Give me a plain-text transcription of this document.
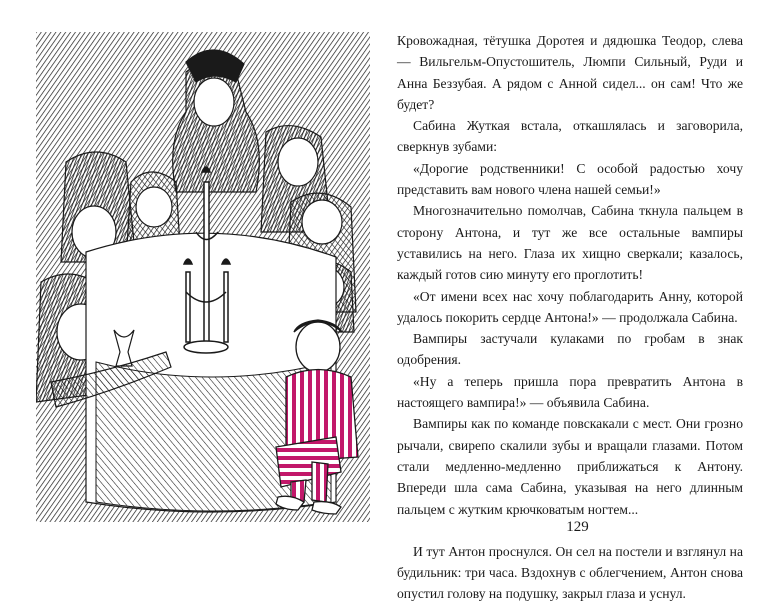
Кровожадная, тётушка Доротея и дядюшка Теодор, слева — Вильгельм-Опустошитель, Люмпи Сильный, Руди и Анна Беззубая. А рядом с Анной сидел... он сам! Что же будет?

Сабина Жуткая встала, откашлялась и заговорила, сверкнув зубами:

«Дорогие родственники! С особой радостью хочу представить вам нового члена нашей семьи!»

Многозначительно помолчав, Сабина ткнула пальцем в сторону Антона, и тут же все остальные вампиры уставились на него. Глаза их хищно сверкали; казалось, каждый готов сию минуту его проглотить!

«От имени всех нас хочу поблагодарить Анну, которой удалось покорить сердце Антона!» — продолжала Сабина.

Вампиры застучали кулаками по гробам в знак одобрения.

«Ну а теперь пришла пора превратить Антона в настоящего вампира!» — объявила Сабина.

Вампиры как по команде повскакали с мест. Они грозно рычали, свирепо скалили зубы и вращали глазами. Потом стали медленно-медленно приближаться к Антону. Впереди шла сама Сабина, указывая на него длинным пальцем с жутким крючковатым ногтем...

И тут Антон проснулся. Он сел на постели и взглянул на будильник: три часа. Вздохнув с облегчением, Антон снова опустил голову на подушку, закрыл глаза и уснул.

129
